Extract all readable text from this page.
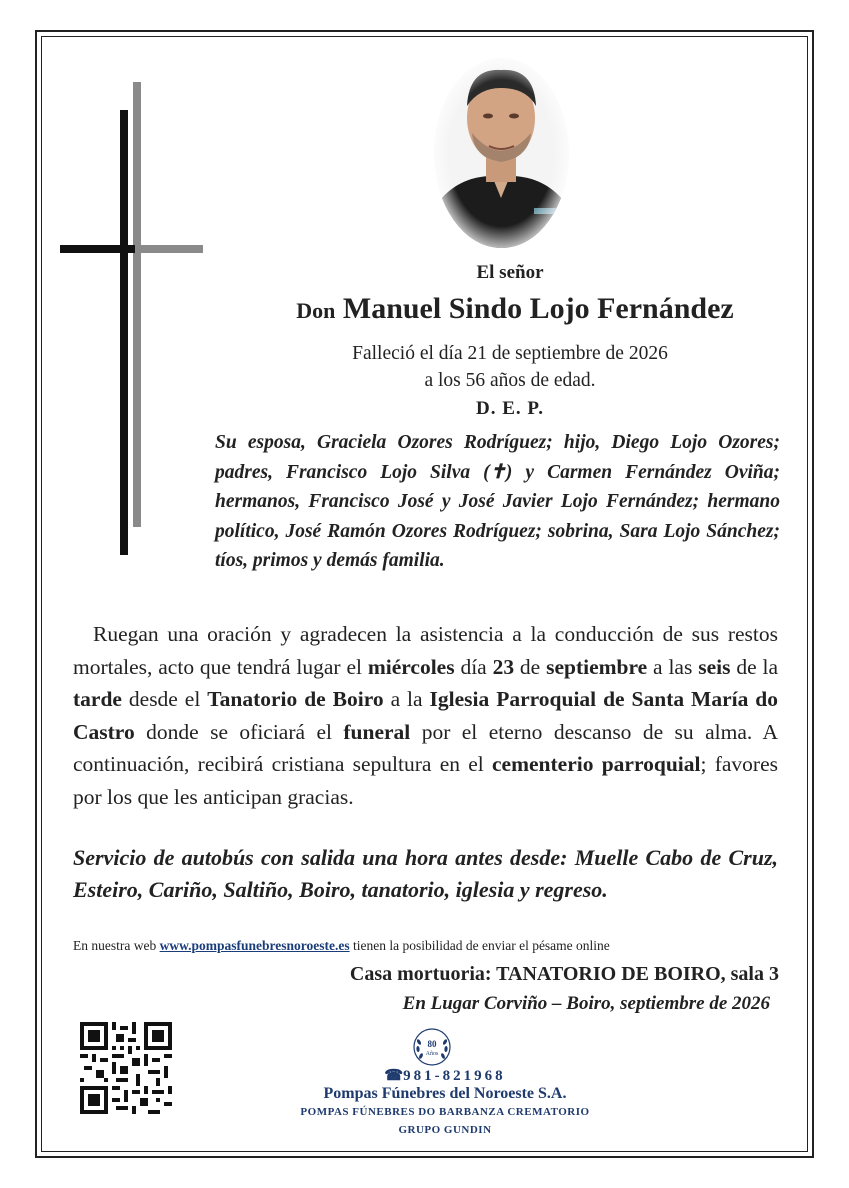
El señor
Don Manuel Sindo Lojo Fernández
Falleció el día 21 de septiembre de 2026
a los 56 años de edad.
D. E. P.
Su esposa, Graciela Ozores Rodríguez; hijo, Diego Lojo Ozores; padres, Francisco Lojo Silva (✝) y Carmen Fernández Oviña; hermanos, Francisco José y José Javier Lojo Fernández; hermano político, José Ramón Ozores Rodríguez; sobrina, Sara Lojo Sánchez; tíos, primos y demás familia.
Ruegan una oración y agradecen la asistencia a la conducción de sus restos mortales, acto que tendrá lugar el miércoles día 23 de septiembre a las seis de la tarde desde el Tanatorio de Boiro a la Iglesia Parroquial de Santa María do Castro donde se oficiará el funeral por el eterno descanso de su alma. A continuación, recibirá cristiana sepultura en el cementerio parroquial; favores por los que les anticipan gracias.
Servicio de autobús con salida una hora antes desde: Muelle Cabo de Cruz, Esteiro, Cariño, Saltiño, Boiro, tanatorio, iglesia y regreso.
En nuestra web www.pompasfunebresnoroeste.es tienen la posibilidad de enviar el pésame online
Casa mortuoria: TANATORIO DE BOIRO, sala 3
En Lugar Corviño – Boiro, septiembre de 2026
80
Años
☎981-821968
Pompas Fúnebres del Noroeste S.A.
POMPAS FÚNEBRES DO BARBANZA CREMATORIO
GRUPO GUNDIN
